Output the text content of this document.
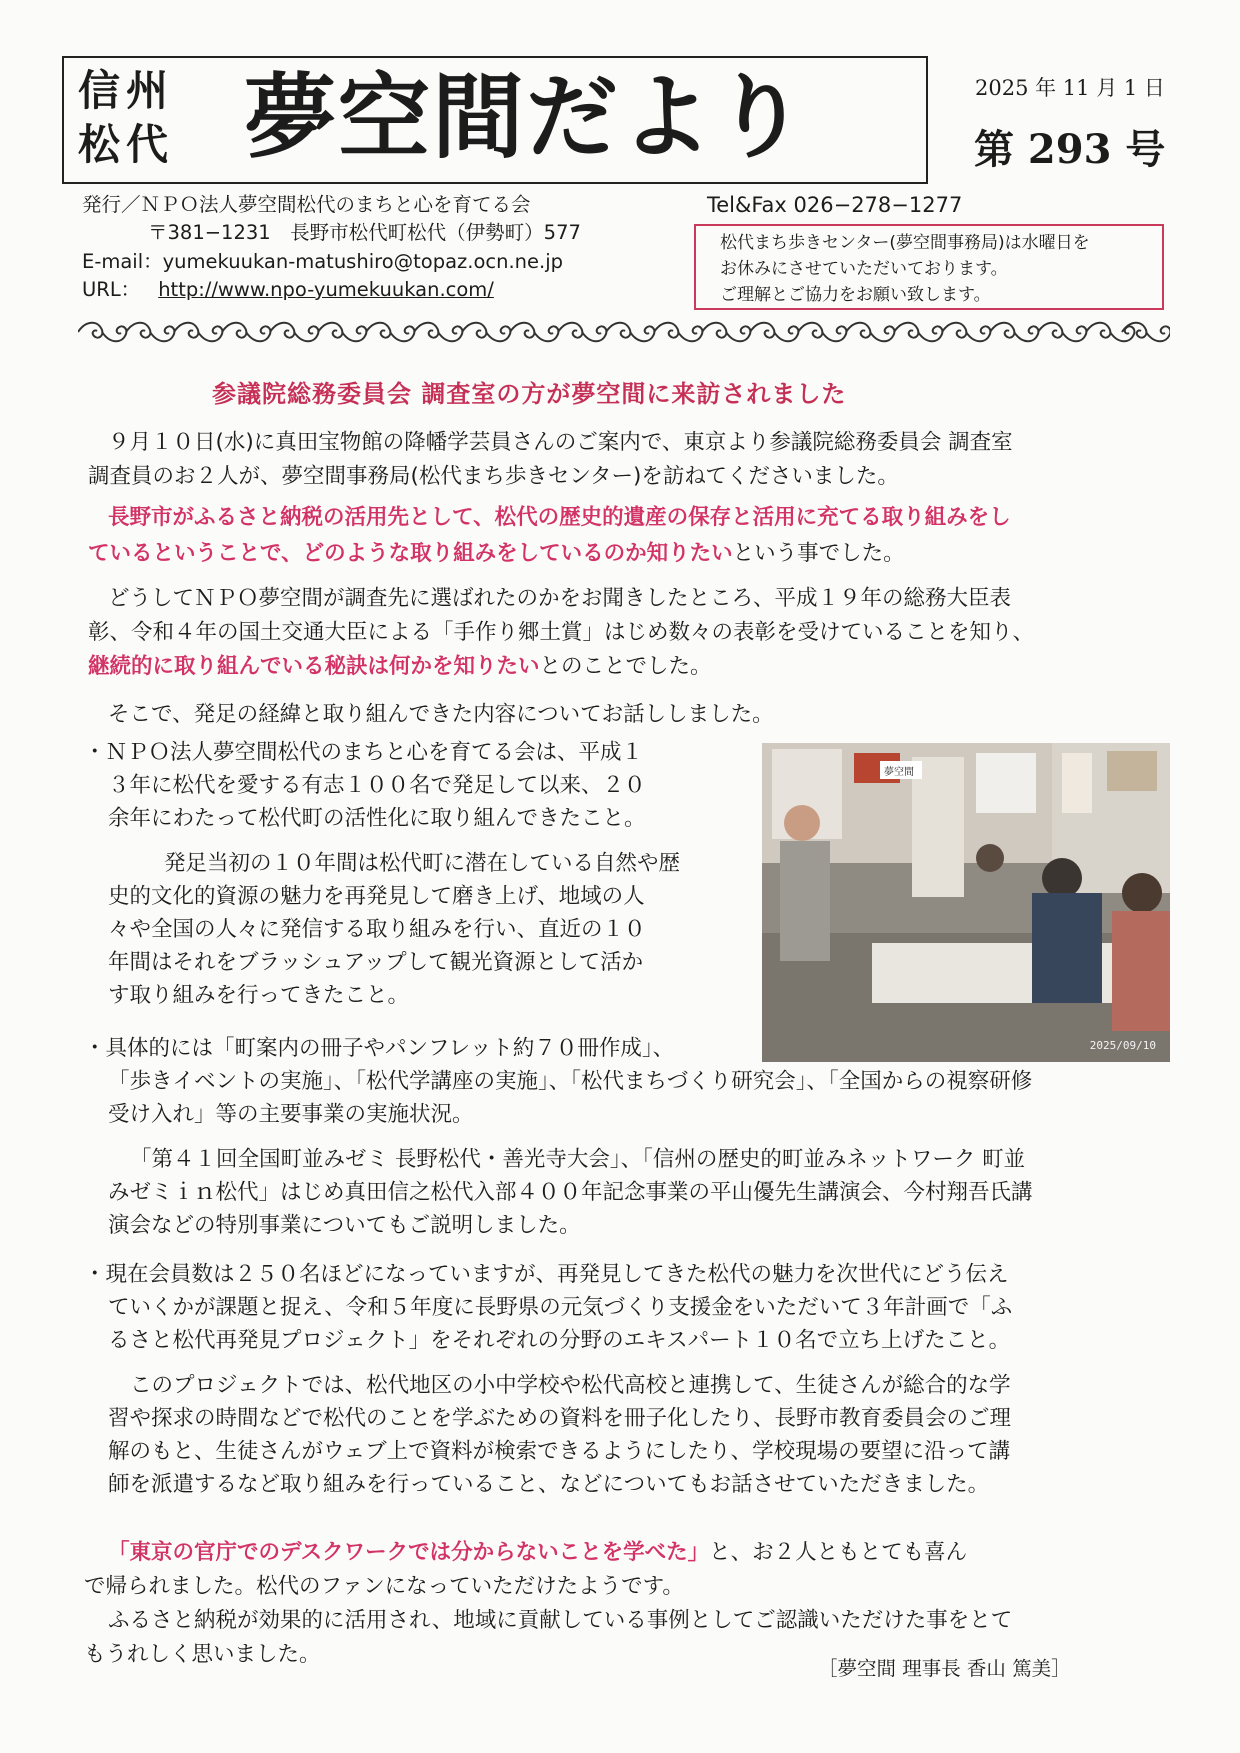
信州
松代 夢空間だより	2025 年 11 月 1 日
第 293 号
発行／ＮＰＯ法人夢空間松代のまちと心を育てる会
〒381−1231　長野市松代町松代（伊勢町）577
E-mail：yumekuukan-matushiro@topaz.ocn.ne.jp
URL： http://www.npo-yumekuukan.com/
Tel&Fax 026−278−1277
松代まち歩きセンター(夢空間事務局)は水曜日を
お休みにさせていただいております。
ご理解とご協力をお願い致します。
参議院総務委員会 調査室の方が夢空間に来訪されました
９月１０日(水)に真田宝物館の降幡学芸員さんのご案内で、東京より参議院総務委員会 調査室
調査員のお２人が、夢空間事務局(松代まち歩きセンター)を訪ねてくださいました。
長野市がふるさと納税の活用先として、松代の歴史的遺産の保存と活用に充てる取り組みをし
ているということで、どのような取り組みをしているのか知りたいという事でした。
どうしてＮＰＯ夢空間が調査先に選ばれたのかをお聞きしたところ、平成１９年の総務大臣表
彰、令和４年の国土交通大臣による「手作り郷土賞」はじめ数々の表彰を受けていることを知り、
継続的に取り組んでいる秘訣は何かを知りたいとのことでした。
そこで、発足の経緯と取り組んできた内容についてお話ししました。
・ＮＰＯ法人夢空間松代のまちと心を育てる会は、平成１
３年に松代を愛する有志１００名で発足して以来、２０
余年にわたって松代町の活性化に取り組んできたこと。
発足当初の１０年間は松代町に潜在している自然や歴
史的文化的資源の魅力を再発見して磨き上げ、地域の人
々や全国の人々に発信する取り組みを行い、直近の１０
年間はそれをブラッシュアップして観光資源として活か
す取り組みを行ってきたこと。
夢空間
2025/09/10
・具体的には「町案内の冊子やパンフレット約７０冊作成」、
「歩きイベントの実施」、「松代学講座の実施」、「松代まちづくり研究会」、「全国からの視察研修
受け入れ」等の主要事業の実施状況。
「第４１回全国町並みゼミ 長野松代・善光寺大会」、「信州の歴史的町並みネットワーク 町並
みゼミｉｎ松代」はじめ真田信之松代入部４００年記念事業の平山優先生講演会、今村翔吾氏講
演会などの特別事業についてもご説明しました。
・現在会員数は２５０名ほどになっていますが、再発見してきた松代の魅力を次世代にどう伝え
ていくかが課題と捉え、令和５年度に長野県の元気づくり支援金をいただいて３年計画で「ふ
るさと松代再発見プロジェクト」をそれぞれの分野のエキスパート１０名で立ち上げたこと。
このプロジェクトでは、松代地区の小中学校や松代高校と連携して、生徒さんが総合的な学
習や探求の時間などで松代のことを学ぶための資料を冊子化したり、長野市教育委員会のご理
解のもと、生徒さんがウェブ上で資料が検索できるようにしたり、学校現場の要望に沿って講
師を派遣するなど取り組みを行っていること、などについてもお話させていただきました。
「東京の官庁でのデスクワークでは分からないことを学べた」と、お２人ともとても喜ん
で帰られました。松代のファンになっていただけたようです。
ふるさと納税が効果的に活用され、地域に貢献している事例としてご認識いただけた事をとて
もうれしく思いました。
［夢空間 理事長 香山 篤美］
